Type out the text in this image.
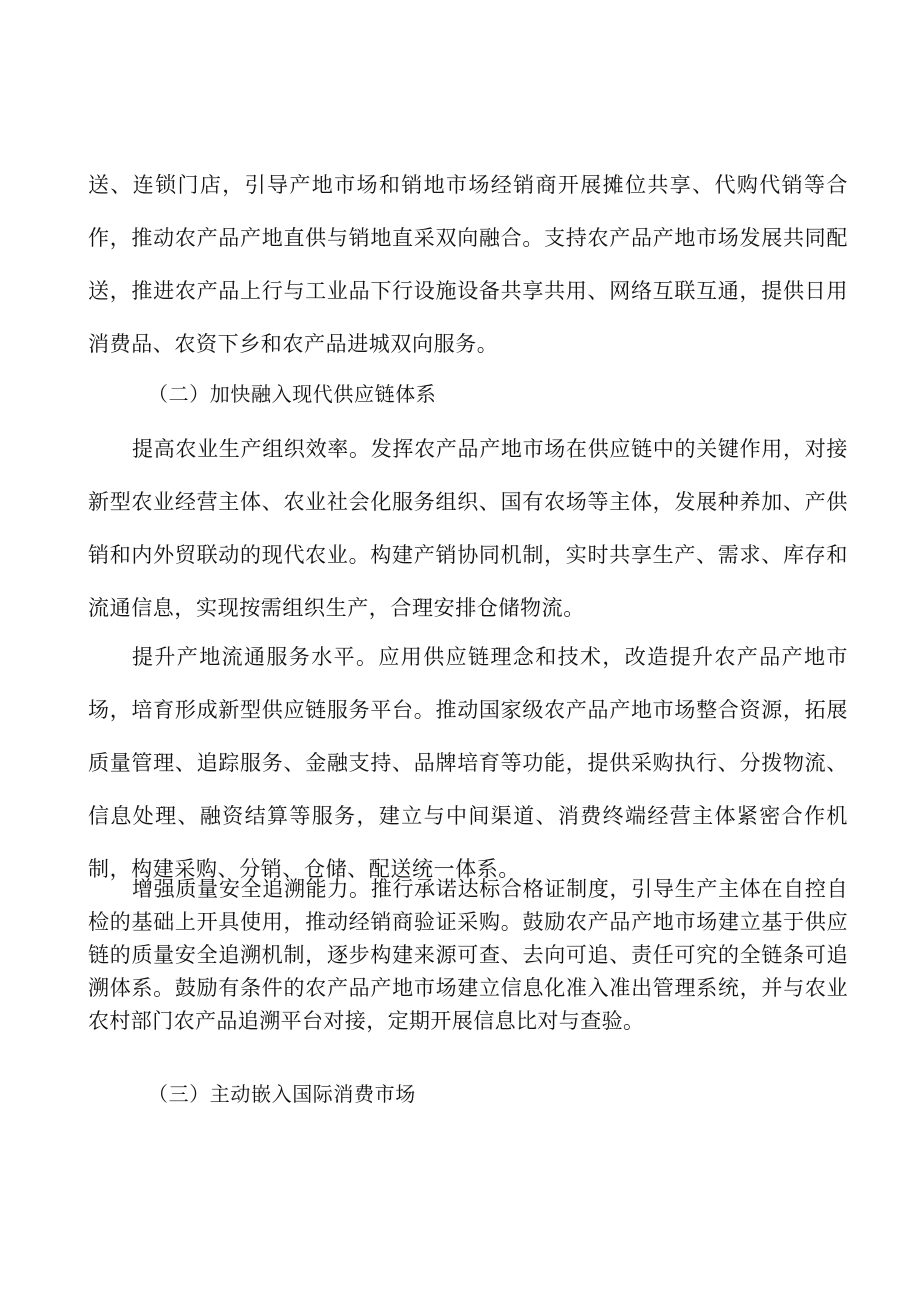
送、连锁门店，引导产地市场和销地市场经销商开展摊位共享、代购代销等合作，推动农产品产地直供与销地直采双向融合。支持农产品产地市场发展共同配送，推进农产品上行与工业品下行设施设备共享共用、网络互联互通，提供日用消费品、农资下乡和农产品进城双向服务。

（二）加快融入现代供应链体系

提高农业生产组织效率。发挥农产品产地市场在供应链中的关键作用，对接新型农业经营主体、农业社会化服务组织、国有农场等主体，发展种养加、产供销和内外贸联动的现代农业。构建产销协同机制，实时共享生产、需求、库存和流通信息，实现按需组织生产，合理安排仓储物流。

提升产地流通服务水平。应用供应链理念和技术，改造提升农产品产地市场，培育形成新型供应链服务平台。推动国家级农产品产地市场整合资源，拓展质量管理、追踪服务、金融支持、品牌培育等功能，提供采购执行、分拨物流、信息处理、融资结算等服务，建立与中间渠道、消费终端经营主体紧密合作机制，构建采购、分销、仓储、配送统一体系。

增强质量安全追溯能力。推行承诺达标合格证制度，引导生产主体在自控自检的基础上开具使用，推动经销商验证采购。鼓励农产品产地市场建立基于供应链的质量安全追溯机制，逐步构建来源可查、去向可追、责任可究的全链条可追溯体系。鼓励有条件的农产品产地市场建立信息化准入准出管理系统，并与农业农村部门农产品追溯平台对接，定期开展信息比对与查验。

（三）主动嵌入国际消费市场
